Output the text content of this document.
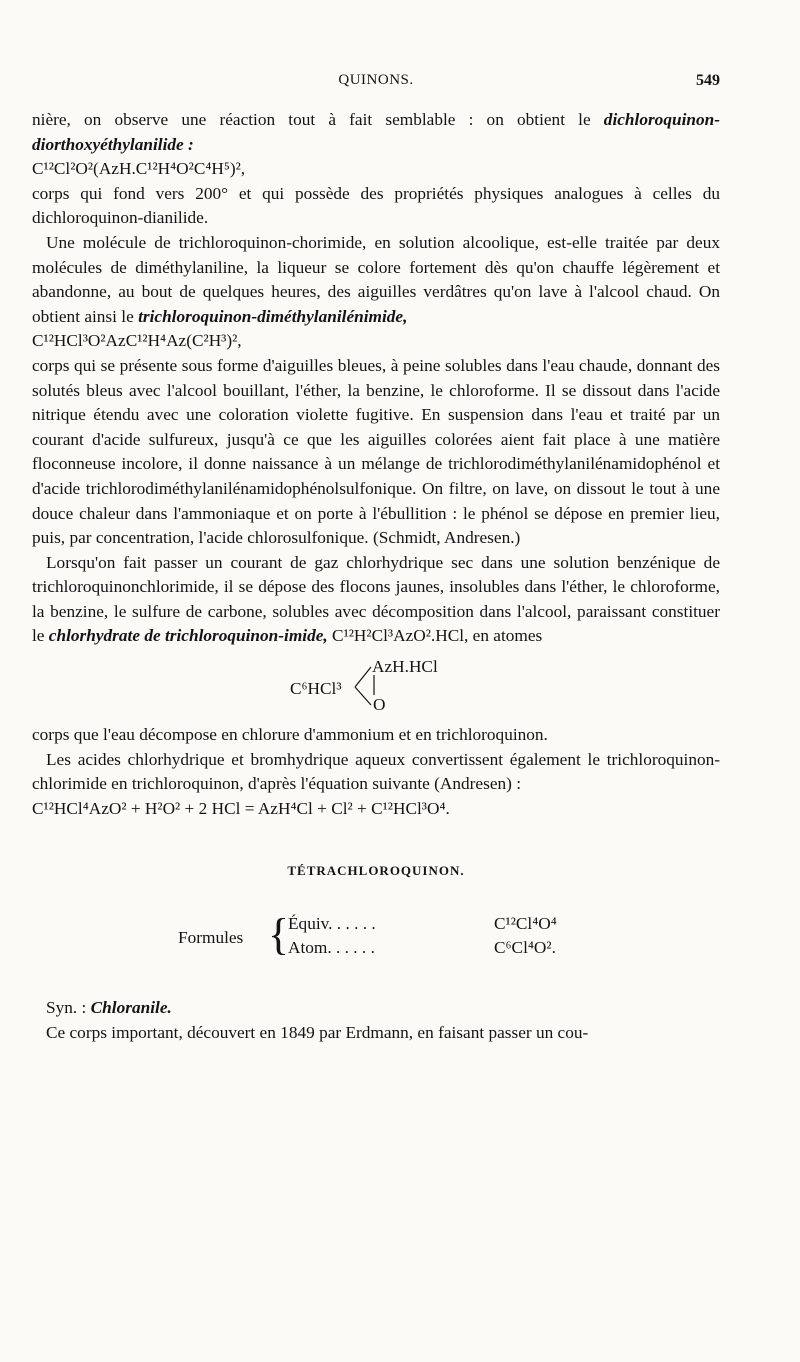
QUINONS.	549

nière, on observe une réaction tout à fait semblable : on obtient le dichloroquinon-diorthoxyéthylanilide :

C¹²Cl²O²(AzH.C¹²H⁴O²C⁴H⁵)²,

corps qui fond vers 200° et qui possède des propriétés physiques analogues à celles du dichloroquinon-dianilide.

Une molécule de trichloroquinon-chorimide, en solution alcoolique, est-elle traitée par deux molécules de diméthylaniline, la liqueur se colore fortement dès qu'on chauffe légèrement et abandonne, au bout de quelques heures, des aiguilles verdâtres qu'on lave à l'alcool chaud. On obtient ainsi le trichloroquinon-diméthylanilénimide,

C¹²HCl³O²AzC¹²H⁴Az(C²H³)²,

corps qui se présente sous forme d'aiguilles bleues, à peine solubles dans l'eau chaude, donnant des solutés bleus avec l'alcool bouillant, l'éther, la benzine, le chloroforme. Il se dissout dans l'acide nitrique étendu avec une coloration violette fugitive. En suspension dans l'eau et traité par un courant d'acide sulfureux, jusqu'à ce que les aiguilles colorées aient fait place à une matière floconneuse incolore, il donne naissance à un mélange de trichlorodiméthylanilénamidophénol et d'acide trichlorodiméthylanilénamidophénolsulfonique. On filtre, on lave, on dissout le tout à une douce chaleur dans l'ammoniaque et on porte à l'ébullition : le phénol se dépose en premier lieu, puis, par concentration, l'acide chlorosulfonique. (Schmidt, Andresen.)

Lorsqu'on fait passer un courant de gaz chlorhydrique sec dans une solution benzénique de trichloroquinonchlorimide, il se dépose des flocons jaunes, insolubles dans l'éther, le chloroforme, la benzine, le sulfure de carbone, solubles avec décomposition dans l'alcool, paraissant constituer le chlorhydrate de trichloroquinon-imide, C¹²H²Cl³AzO².HCl, en atomes

C⁶HCl³
AzH.HCl
O

corps que l'eau décompose en chlorure d'ammonium et en trichloroquinon.

Les acides chlorhydrique et bromhydrique aqueux convertissent également le trichloroquinon-chlorimide en trichloroquinon, d'après l'équation suivante (Andresen) :

C¹²HCl⁴AzO² + H²O² + 2 HCl = AzH⁴Cl + Cl² + C¹²HCl³O⁴.

TÉTRACHLOROQUINON.
Formules {
Équiv. . . . . .	C¹²Cl⁴O⁴
Atom. . . . . .	C⁶Cl⁴O².

Syn. : Chloranile.

Ce corps important, découvert en 1849 par Erdmann, en faisant passer un cou-
